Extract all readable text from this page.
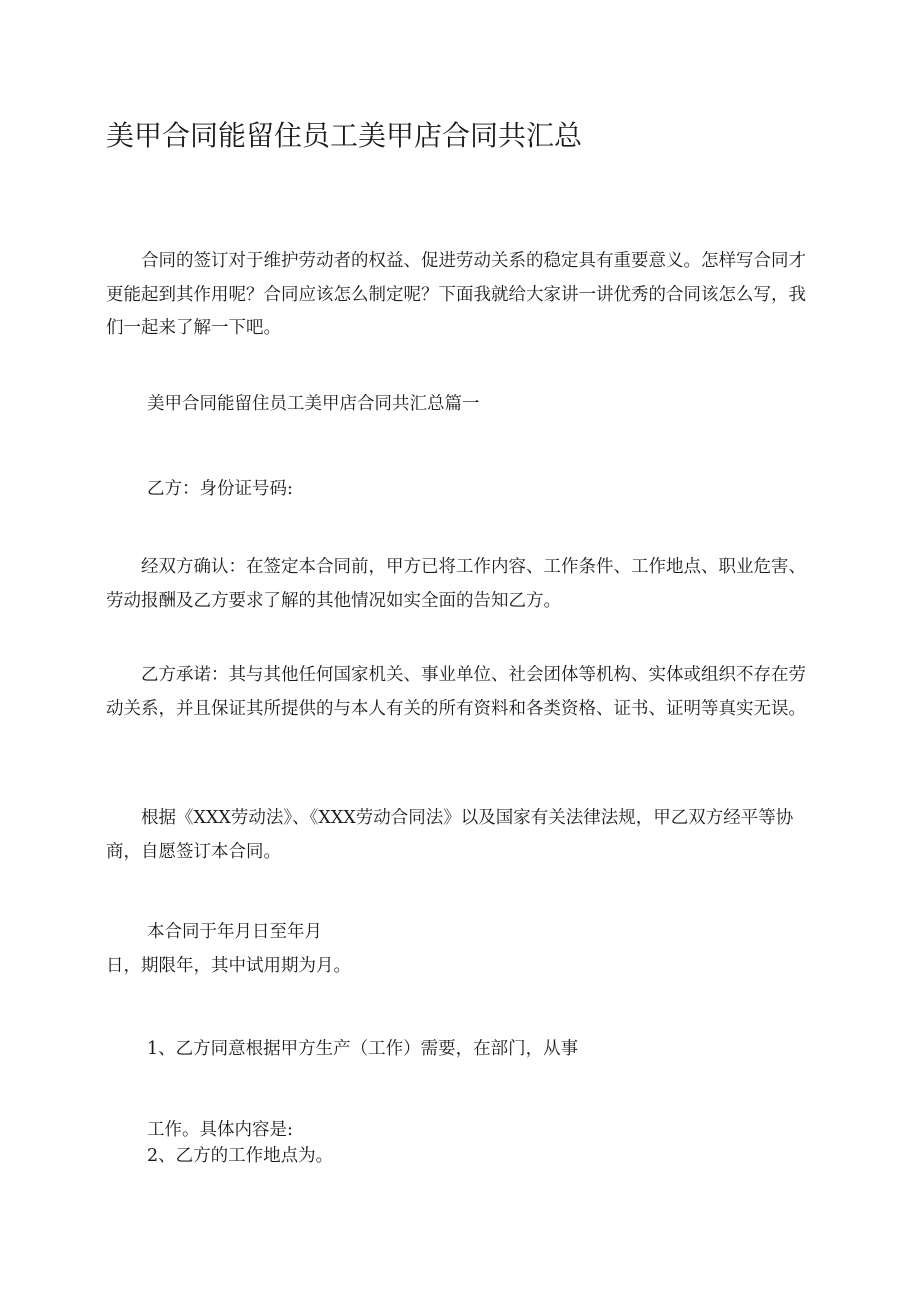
美甲合同能留住员工美甲店合同共汇总

合同的签订对于维护劳动者的权益、促进劳动关系的稳定具有重要意义。怎样写合同才更能起到其作用呢？合同应该怎么制定呢？下面我就给大家讲一讲优秀的合同该怎么写，我们一起来了解一下吧。

美甲合同能留住员工美甲店合同共汇总篇一

乙方：身份证号码:

经双方确认：在签定本合同前，甲方已将工作内容、工作条件、工作地点、职业危害、劳动报酬及乙方要求了解的其他情况如实全面的告知乙方。

乙方承诺：其与其他任何国家机关、事业单位、社会团体等机构、实体或组织不存在劳动关系，并且保证其所提供的与本人有关的所有资料和各类资格、证书、证明等真实无误。

根据《XXX劳动法》、《XXX劳动合同法》以及国家有关法律法规，甲乙双方经平等协商，自愿签订本合同。

本合同于年月日至年月

日，期限年，其中试用期为月。

1、乙方同意根据甲方生产（工作）需要，在部门，从事

工作。具体内容是:

2、乙方的工作地点为。
